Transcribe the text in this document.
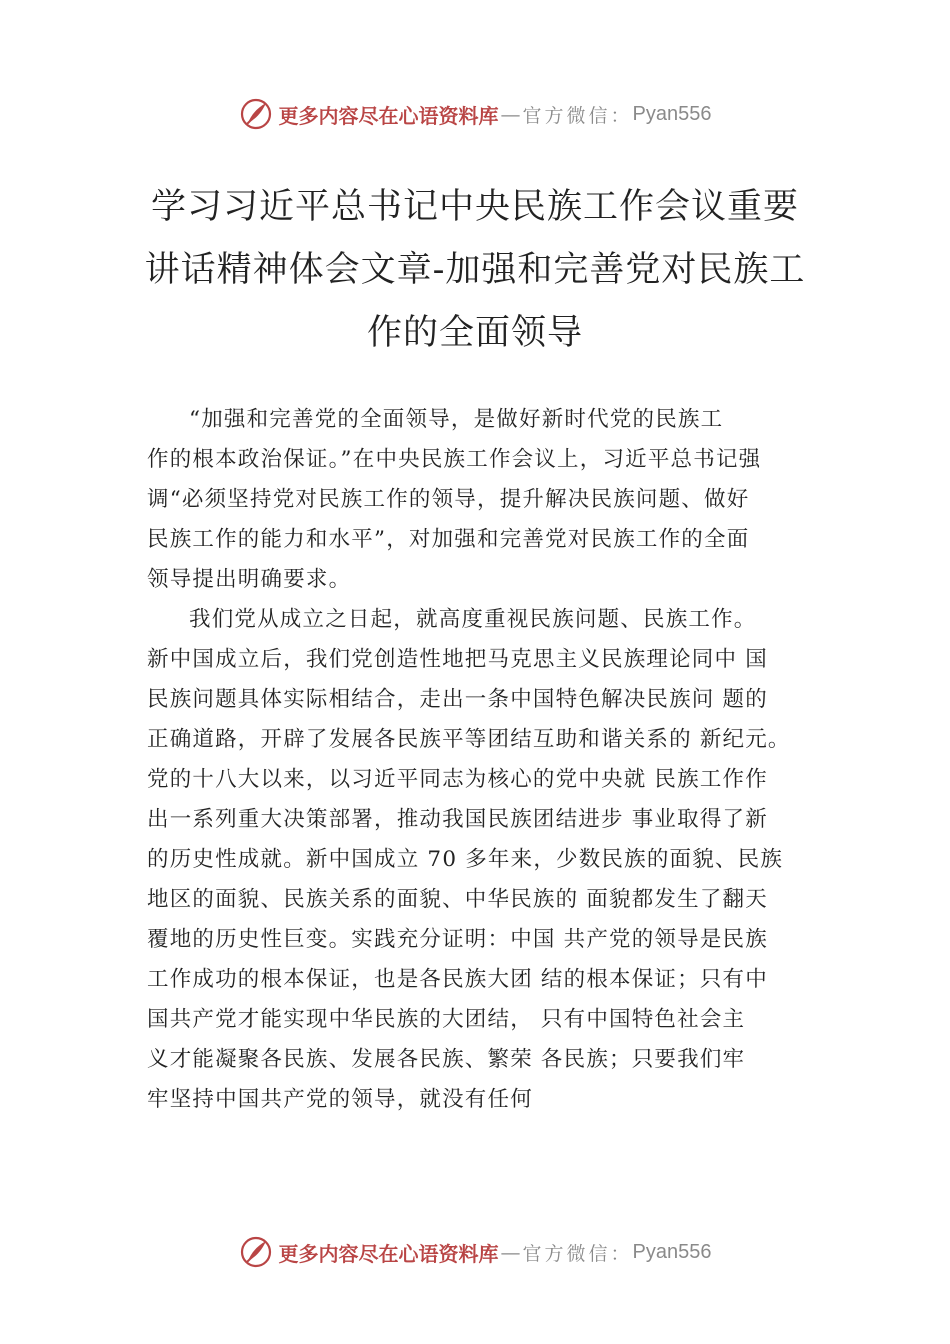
更多内容尽在心语资料库 — 官方微信： Pyan556
学习习近平总书记中央民族工作会议重要
讲话精神体会文章-加强和完善党对民族工
作的全面领导
“加强和完善党的全面领导，是做好新时代党的民族工
作的根本政治保证。”在中央民族工作会议上，习近平总书记强
调“必须坚持党对民族工作的领导，提升解决民族问题、做好
民族工作的能力和水平”，对加强和完善党对民族工作的全面
领导提出明确要求。
我们党从成立之日起，就高度重视民族问题、民族工作。
新中国成立后，我们党创造性地把马克思主义民族理论同中 国
民族问题具体实际相结合，走出一条中国特色解决民族问 题的
正确道路，开辟了发展各民族平等团结互助和谐关系的 新纪元。
党的十八大以来，以习近平同志为核心的党中央就 民族工作作
出一系列重大决策部署，推动我国民族团结进步 事业取得了新
的历史性成就。新中国成立 70 多年来，少数民族的面貌、民族
地区的面貌、民族关系的面貌、中华民族的 面貌都发生了翻天
覆地的历史性巨变。实践充分证明：中国 共产党的领导是民族
工作成功的根本保证，也是各民族大团 结的根本保证；只有中
国共产党才能实现中华民族的大团结， 只有中国特色社会主
义才能凝聚各民族、发展各民族、繁荣 各民族；只要我们牢
牢坚持中国共产党的领导，就没有任何
更多内容尽在心语资料库 — 官方微信： Pyan556
